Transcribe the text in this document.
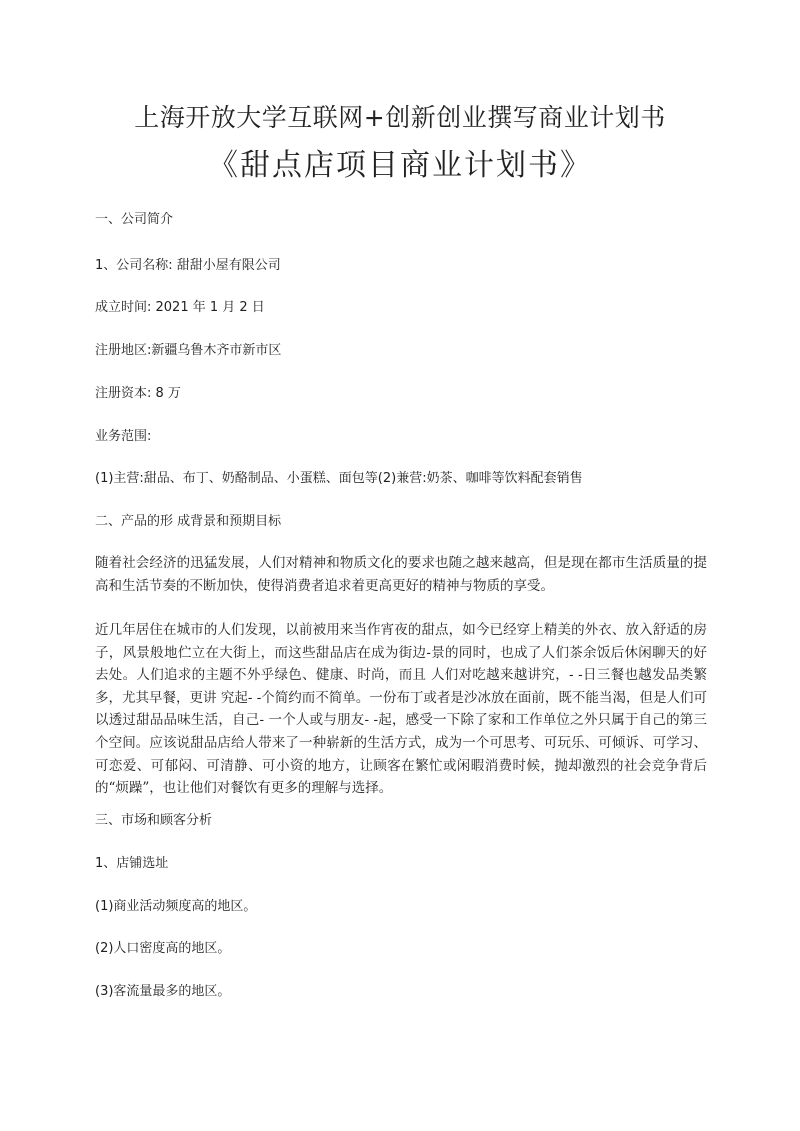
上海开放大学互联网+创新创业撰写商业计划书
《甜点店项目商业计划书》
一、公司简介
1、公司名称: 甜甜小屋有限公司
成立时间: 2021 年 1 月 2 日
注册地区:新疆乌鲁木齐市新市区
注册资本: 8 万
业务范围:
(1)主营:甜品、布丁、奶酪制品、小蛋糕、面包等(2)兼营:奶茶、咖啡等饮料配套销售
二、产品的形 成背景和预期目标
随着社会经济的迅猛发展，人们对精神和物质文化的要求也随之越来越高，但是现在都市生活质量的提高和生活节奏的不断加快，使得消费者追求着更高更好的精神与物质的享受。
近几年居住在城市的人们发现，以前被用来当作宵夜的甜点，如今已经穿上精美的外衣、放入舒适的房子，风景般地伫立在大街上，而这些甜品店在成为街边-景的同时，也成了人们茶余饭后休闲聊天的好去处。人们追求的主题不外乎绿色、健康、时尚，而且 人们对吃越来越讲究，- -日三餐也越发品类繁多，尤其早餐，更讲 究起- -个简约而不简单。一份布丁或者是沙冰放在面前，既不能当渴，但是人们可以透过甜品品味生活，自己- 一个人或与朋友- -起，感受一下除了家和工作单位之外只属于自己的第三个空间。应该说甜品店给人带来了一种崭新的生活方式，成为一个可思考、可玩乐、可倾诉、可学习、可恋爱、可郁闷、可清静、可小资的地方，让顾客在繁忙或闲暇消费时候，抛却激烈的社会竞争背后的“烦躁”，也让他们对餐饮有更多的理解与选择。
三、市场和顾客分析
1、店铺选址
(1)商业活动频度高的地区。
(2)人口密度高的地区。
(3)客流量最多的地区。
